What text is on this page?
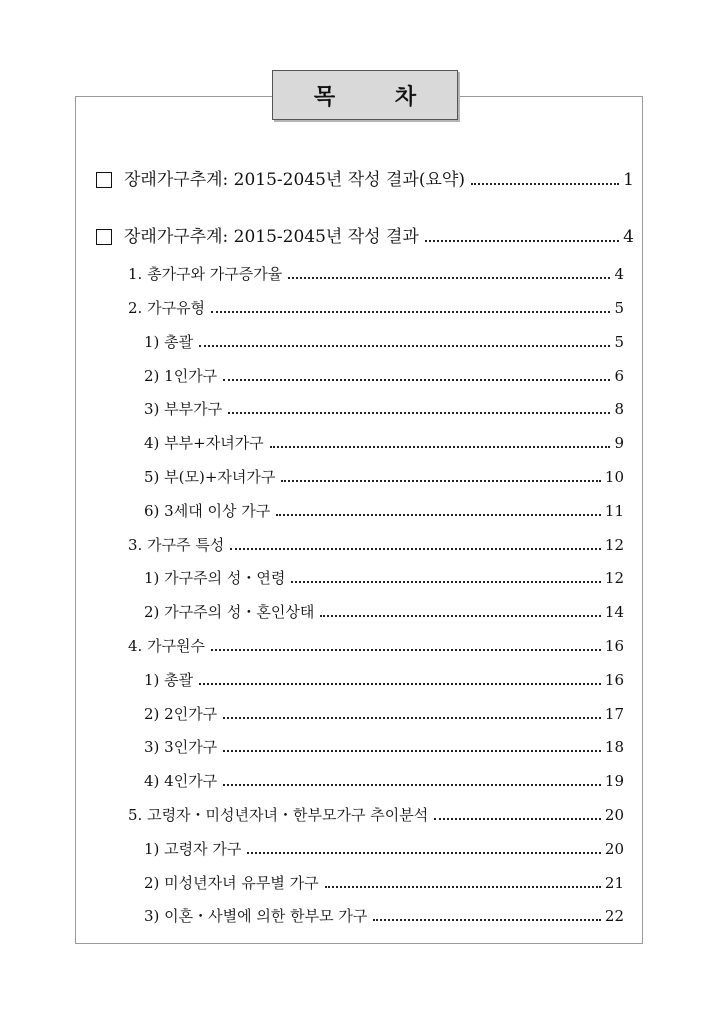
목 차
장래가구추계: 2015-2045년 작성 결과(요약)	1
장래가구추계: 2015-2045년 작성 결과	4
1. 총가구와 가구증가율	4
2. 가구유형	5
1) 총괄	5
2) 1인가구	6
3) 부부가구	8
4) 부부+자녀가구	9
5) 부(모)+자녀가구	10
6) 3세대 이상 가구	11
3. 가구주 특성	12
1) 가구주의 성・연령	12
2) 가구주의 성・혼인상태	14
4. 가구원수	16
1) 총괄	16
2) 2인가구	17
3) 3인가구	18
4) 4인가구	19
5. 고령자・미성년자녀・한부모가구 추이분석	20
1) 고령자 가구	20
2) 미성년자녀 유무별 가구	21
3) 이혼・사별에 의한 한부모 가구	22
